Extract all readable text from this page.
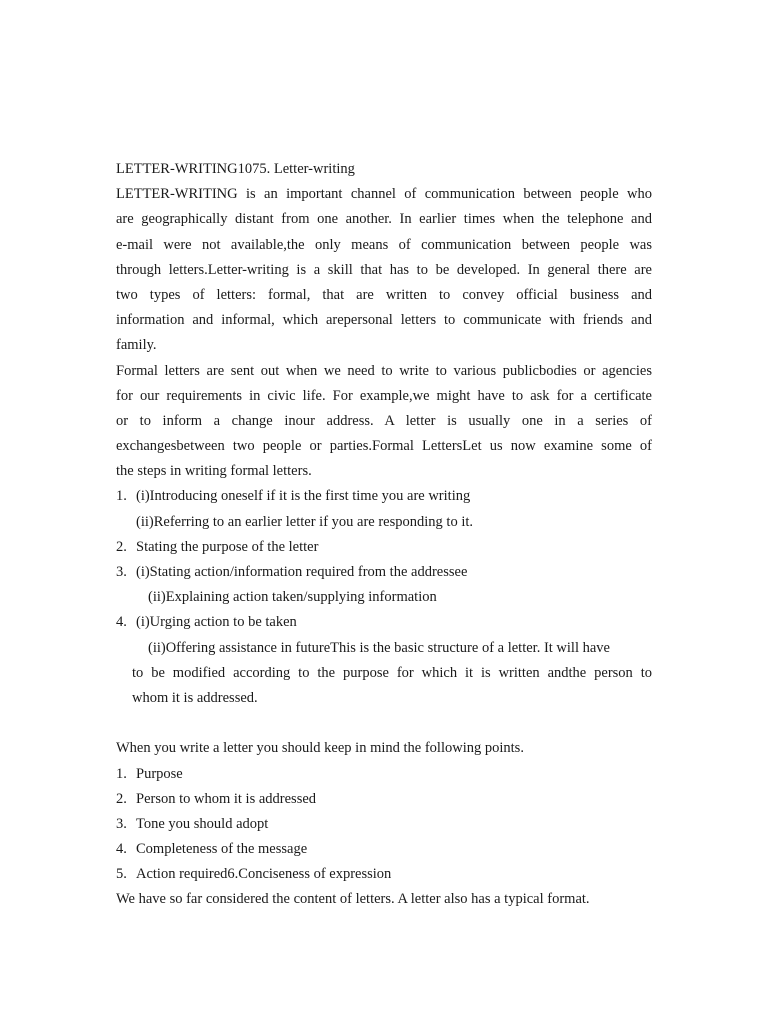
LETTER-WRITING1075. Letter-writing
LETTER-WRITING is an important channel of communication between people who
are geographically distant from one another. In earlier times when the telephone and
e-mail were not available,the only means of communication between people was
through letters.Letter-writing is a skill that has to be developed. In general there are
two types of letters: formal, that are written to convey official business and
information and informal, which arepersonal letters to communicate with friends and
family.
Formal letters are sent out when we need to write to various publicbodies or agencies
for our requirements in civic life. For example,we might have to ask for a certificate
or to inform a change inour address. A letter is usually one in a series of
exchangesbetween two people or parties.Formal LettersLet us now examine some of
the steps in writing formal letters.
1. (i)Introducing oneself if it is the first time you are writing
(ii)Referring to an earlier letter if you are responding to it.
2. Stating the purpose of the letter
3. (i)Stating action/information required from the addressee
(ii)Explaining action taken/supplying information
4. (i)Urging action to be taken
(ii)Offering assistance in futureThis is the basic structure of a letter. It will have
to be modified according to the purpose for which it is written andthe person to
whom it is addressed.
When you write a letter you should keep in mind the following points.
1. Purpose
2. Person to whom it is addressed
3. Tone you should adopt
4. Completeness of the message
5. Action required6.Conciseness of expression
We have so far considered the content of letters. A letter also has a typical format.
